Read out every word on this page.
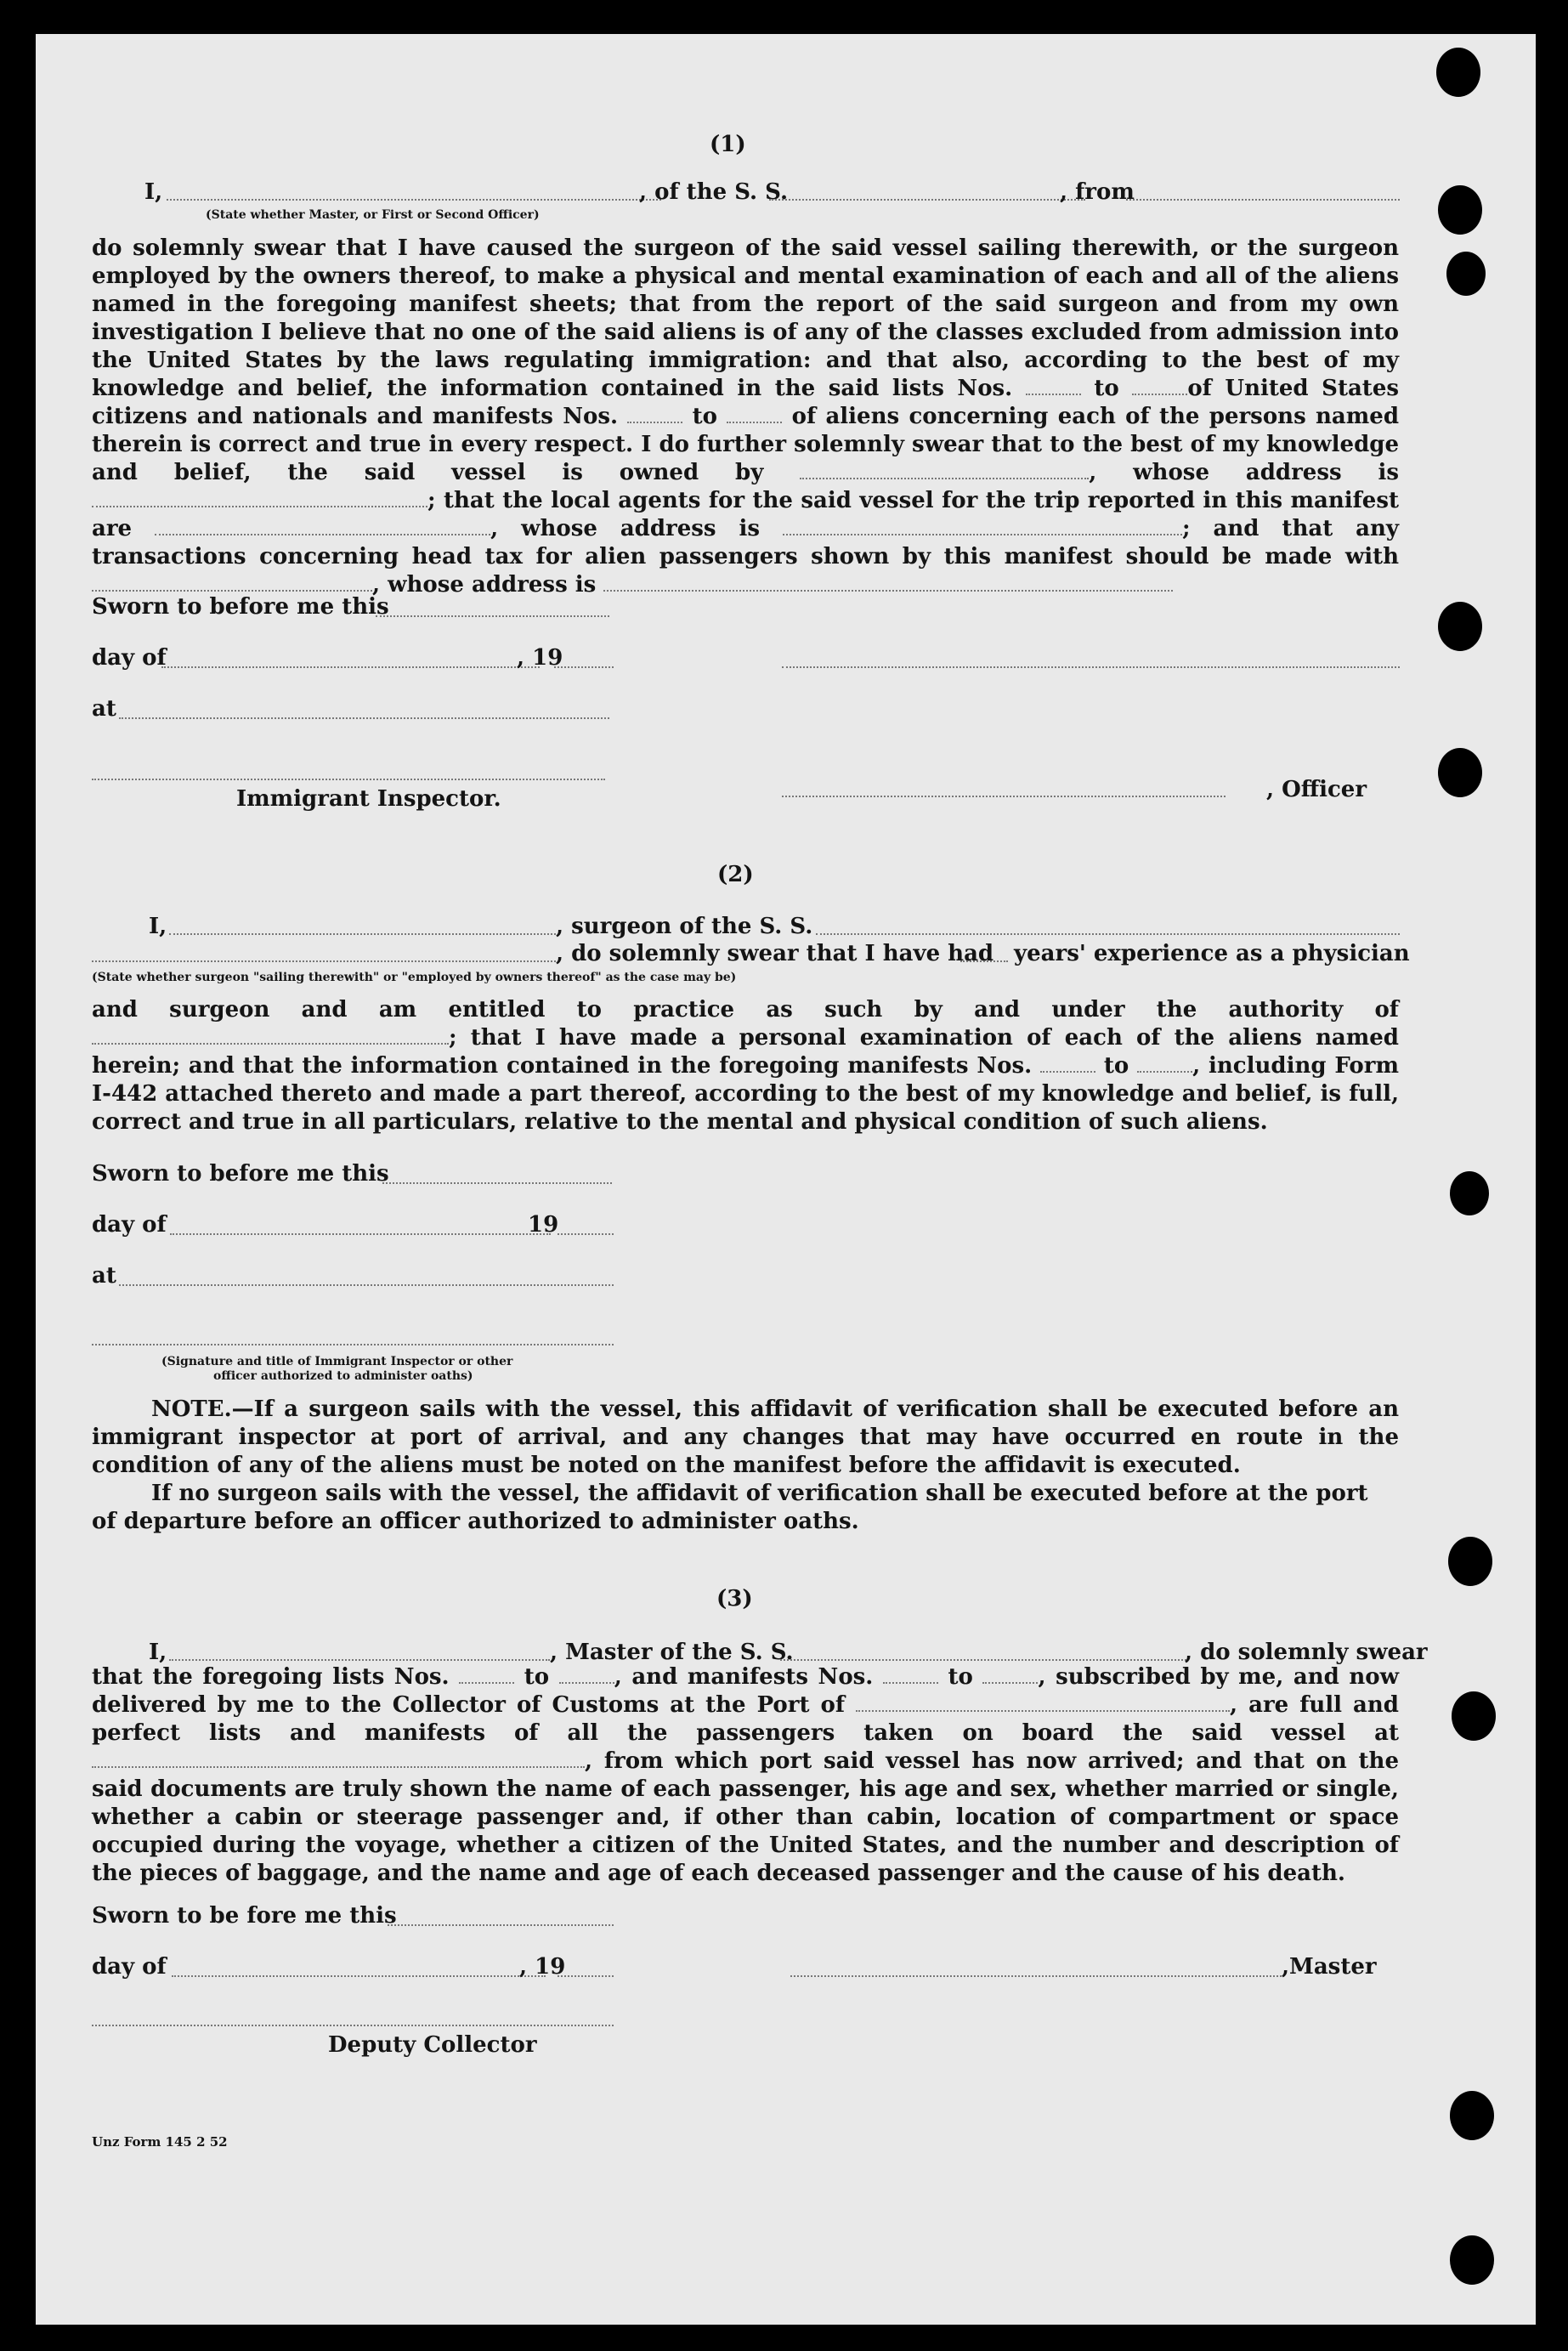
(1)
I,
(State whether Master, or First or Second Officer)
, of the S. S.	, from

do solemnly swear that I have caused the surgeon of the said vessel sailing therewith, or the surgeon employed by the owners thereof, to make a physical and mental examination of each and all of the aliens named in the foregoing manifest sheets; that from the report of the said surgeon and from my own investigation I believe that no one of the said aliens is of any of the classes excluded from admission into the United States by the laws regulating immigration: and that also, according to the best of my knowledge and belief, the information contained in the said lists Nos.	to	of United States citizens and nationals and manifests Nos.	to	of aliens concerning each of the persons named therein is correct and true in every respect. I do further solemnly swear that to the best of my knowledge and belief, the said vessel is owned by	, whose address is ; that the local agents for the said vessel for the trip reported in this manifest are	, whose address is	; and that any transactions concerning head tax for alien passengers shown by this manifest should be made with , whose address is

Sworn to before me this
day of	, 19
at
Immigrant Inspector.	, Officer
(2)
I,	, surgeon of the S. S.
, do solemnly swear that I have had years' experience as a physician
(State whether surgeon "sailing therewith" or "employed by owners thereof" as the case may be)

and surgeon and am entitled to practice as such by and under the authority of ; that I have made a personal examination of each of the aliens named herein; and that the information contained in the foregoing manifests Nos.	to	, including Form I-442 attached thereto and made a part thereof, according to the best of my knowledge and belief, is full, correct and true in all particulars, relative to the mental and physical condition of such aliens.

Sworn to before me this
day of	19
at
(Signature and title of Immigrant Inspector or other
officer authorized to administer oaths)

NOTE.—If a surgeon sails with the vessel, this affidavit of verification shall be executed before an immigrant inspector at port of arrival, and any changes that may have occurred en route in the condition of any of the aliens must be noted on the manifest before the affidavit is executed.

If no surgeon sails with the vessel, the affidavit of verification shall be executed before at the port of departure before an officer authorized to administer oaths.

(3)
I,	, Master of the S. S.	, do solemnly swear

that the foregoing lists Nos.	to	, and manifests Nos.	to	, subscribed by me, and now delivered by me to the Collector of Customs at the Port of	, are full and perfect lists and manifests of all the passengers taken on board the said vessel at , from which port said vessel has now arrived; and that on the said documents are truly shown the name of each passenger, his age and sex, whether married or single, whether a cabin or steerage passenger and, if other than cabin, location of compartment or space occupied during the voyage, whether a citizen of the United States, and the number and description of the pieces of baggage, and the name and age of each deceased passenger and the cause of his death.

Sworn to be fore me this
day of	, 19	,Master
Deputy Collector
Unz Form 145 2 52
